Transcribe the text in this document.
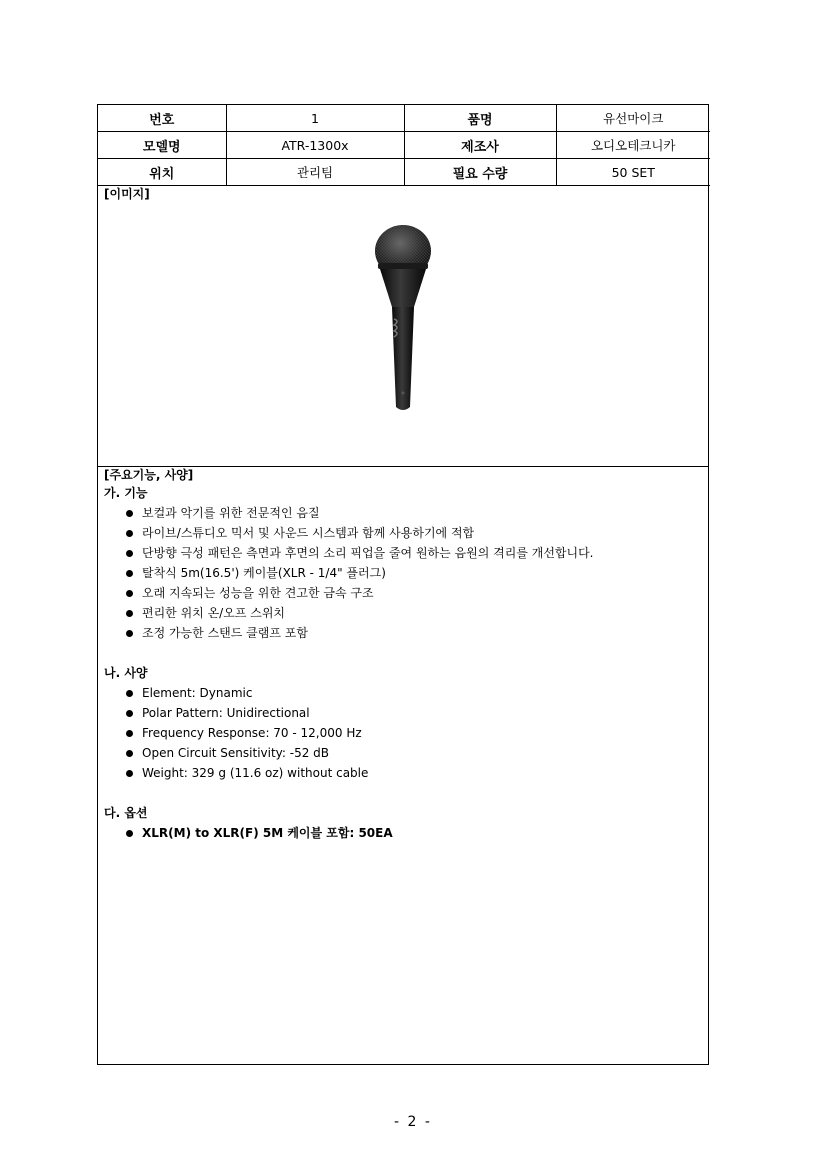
번호	1	품명	유선마이크
모델명	ATR-1300x	제조사	오디오테크니카
위치	관리팀	필요 수량	50 SET
[이미지]
[주요기능, 사양]
가. 기능
보컬과 악기를 위한 전문적인 음질
라이브/스튜디오 믹서 및 사운드 시스템과 함께 사용하기에 적합
단방향 극성 패턴은 측면과 후면의 소리 픽업을 줄여 원하는 음원의 격리를 개선합니다.
탈착식 5m(16.5') 케이블(XLR - 1/4" 플러그)
오래 지속되는 성능을 위한 견고한 금속 구조
편리한 위치 온/오프 스위치
조정 가능한 스탠드 클램프 포함
나. 사양
Element: Dynamic
Polar Pattern: Unidirectional
Frequency Response: 70 - 12,000 Hz
Open Circuit Sensitivity: -52 dB
Weight: 329 g (11.6 oz) without cable
다. 옵션
XLR(M) to XLR(F) 5M 케이블 포함: 50EA
- 2 -
